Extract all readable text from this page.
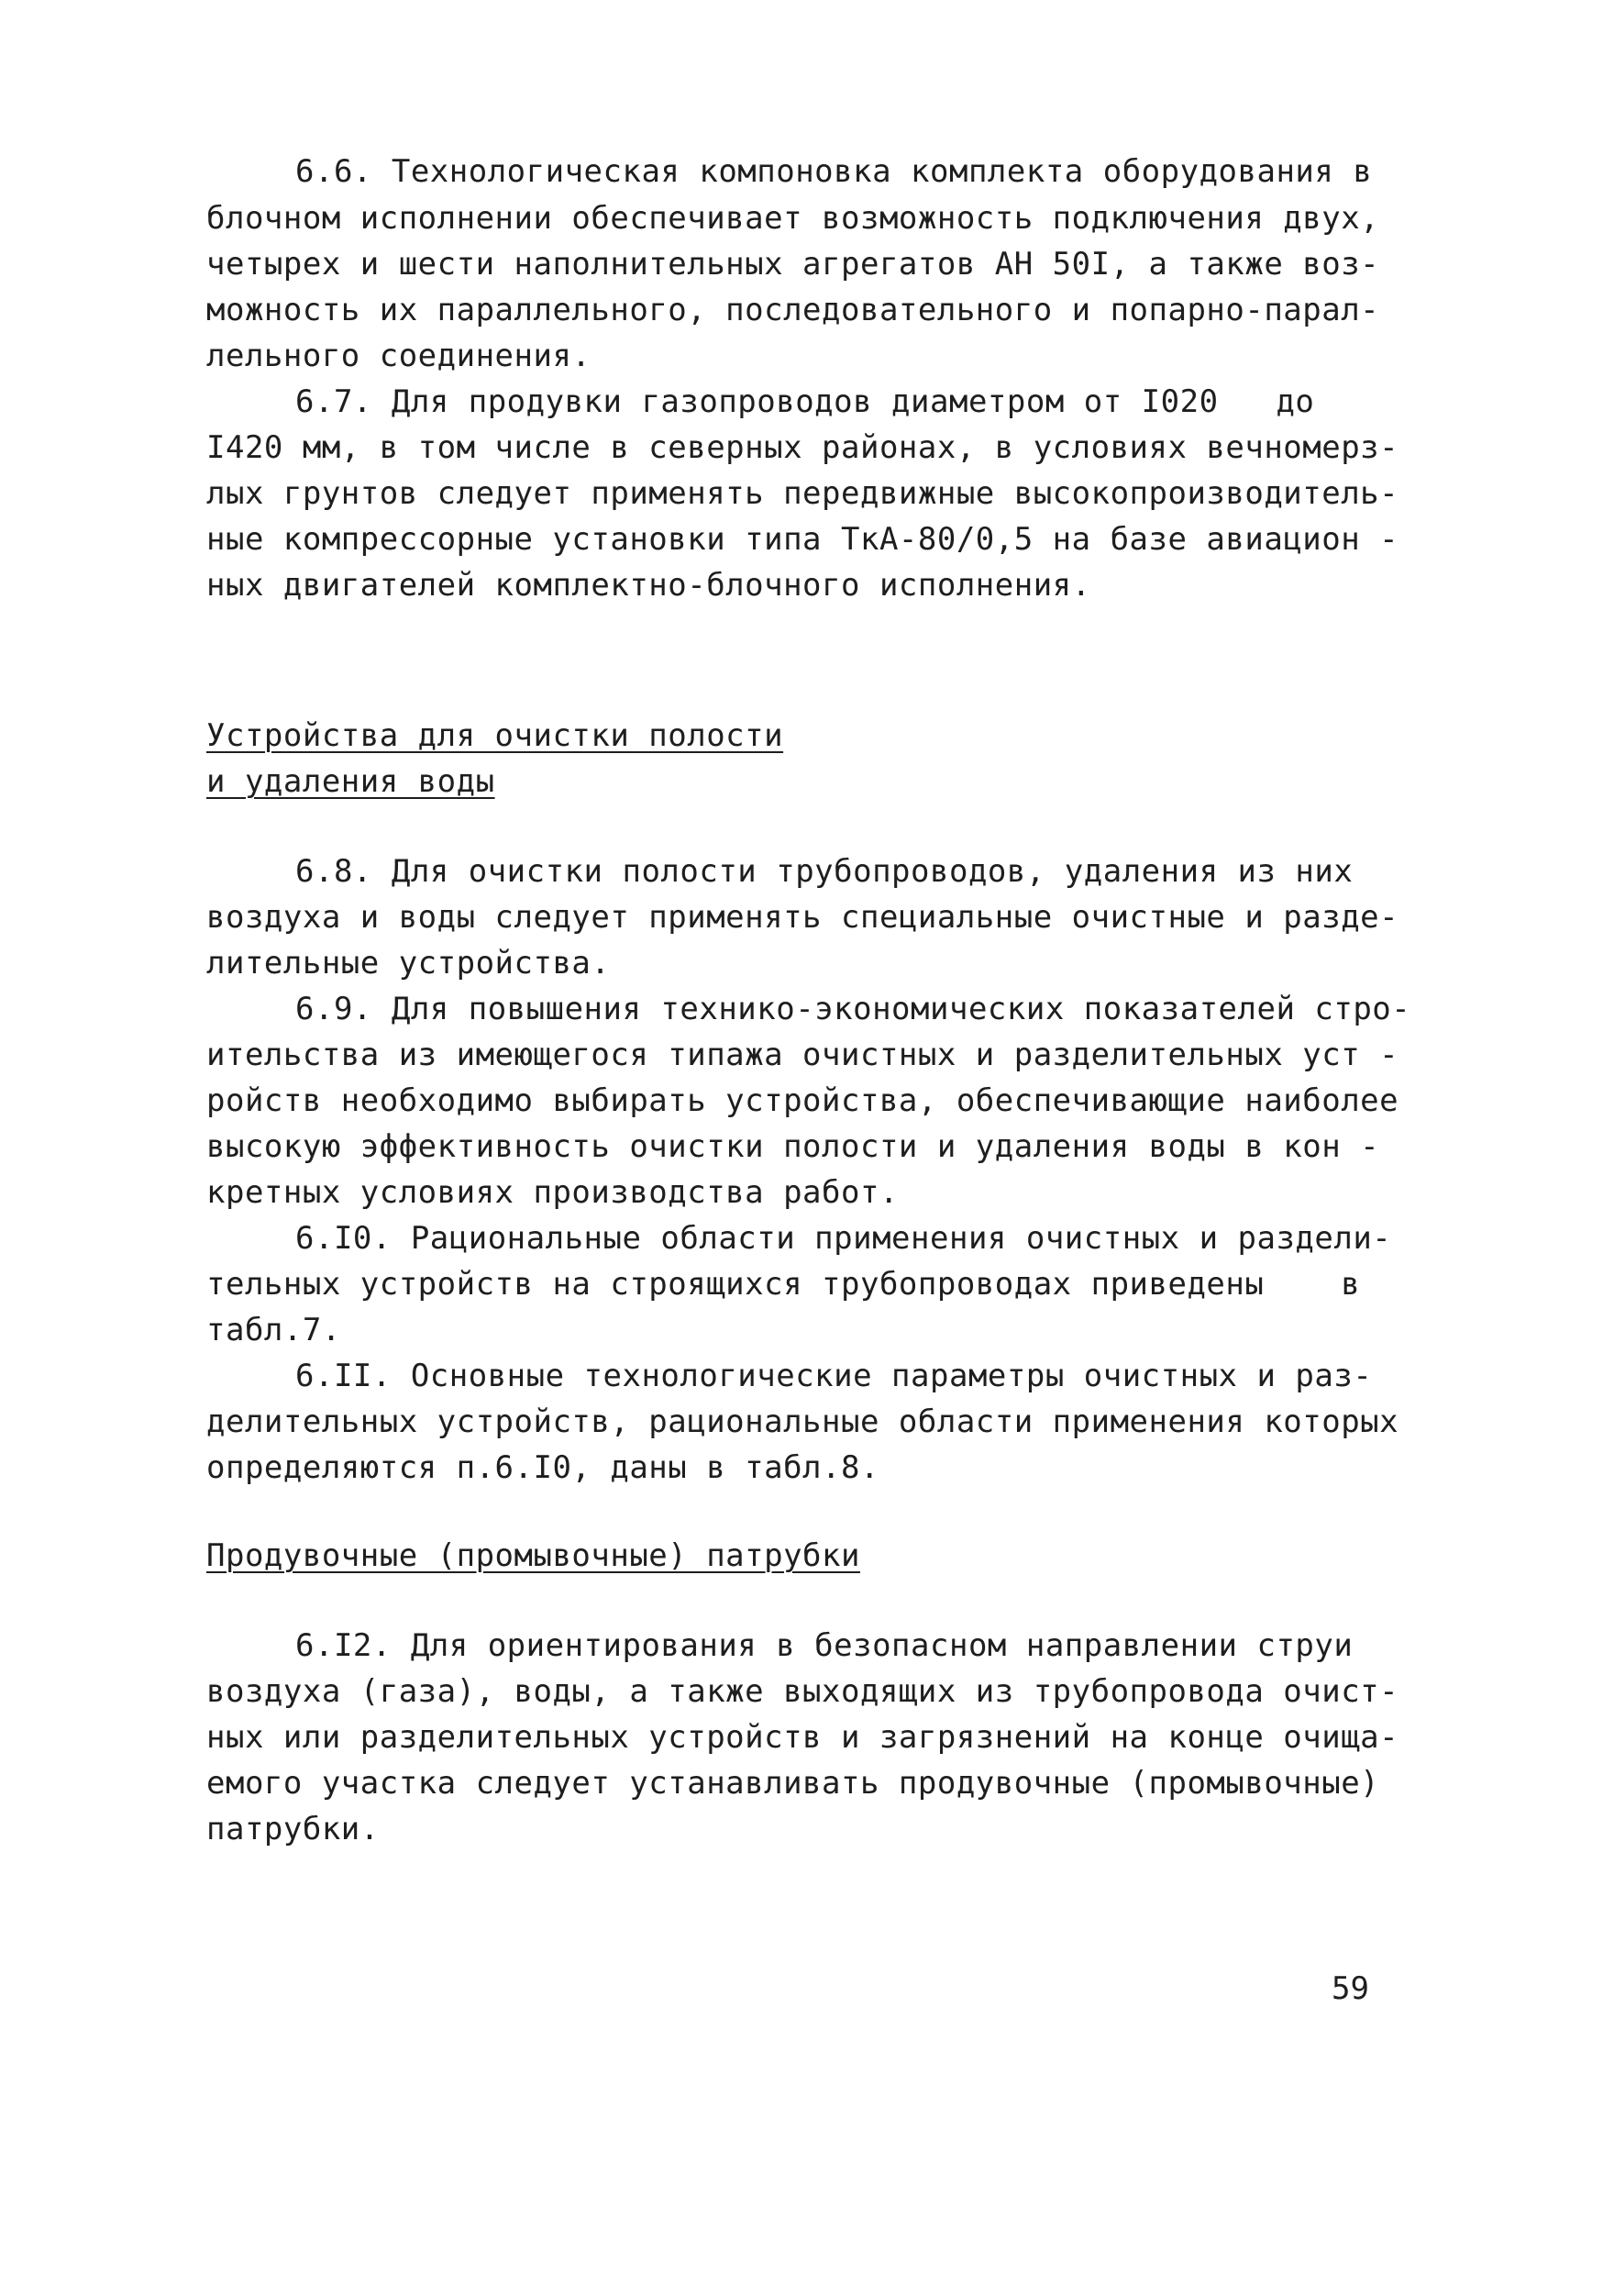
6.6. Технологическая компоновка комплекта оборудования в
блочном исполнении обеспечивает возможность подключения двух,
четырех и шести наполнительных агрегатов АН 50I, а также воз-
можность их параллельного, последовательного и попарно-парал-
лельного соединения.
6.7. Для продувки газопроводов диаметром от I020   до
I420 мм, в том числе в северных районах, в условиях вечномерз-
лых грунтов следует применять передвижные высокопроизводитель-
ные компрессорные установки типа ТкА-80/0,5 на базе авиацион -
ных двигателей комплектно-блочного исполнения.
Устройства для очистки полости
и удаления воды
6.8. Для очистки полости трубопроводов, удаления из них
воздуха и воды следует применять специальные очистные и разде-
лительные устройства.
6.9. Для повышения технико-экономических показателей стро-
ительства из имеющегося типажа очистных и разделительных уст -
ройств необходимо выбирать устройства, обеспечивающие наиболее
высокую эффективность очистки полости и удаления воды в кон -
кретных условиях производства работ.
6.I0. Рациональные области применения очистных и раздели-
тельных устройств на строящихся трубопроводах приведены    в
табл.7.
6.II. Основные технологические параметры очистных и раз-
делительных устройств, рациональные области применения которых
определяются п.6.I0, даны в табл.8.
Продувочные (промывочные) патрубки
6.I2. Для ориентирования в безопасном направлении струи
воздуха (газа), воды, а также выходящих из трубопровода очист-
ных или разделительных устройств и загрязнений на конце очища-
емого участка следует устанавливать продувочные (промывочные)
патрубки.
59
